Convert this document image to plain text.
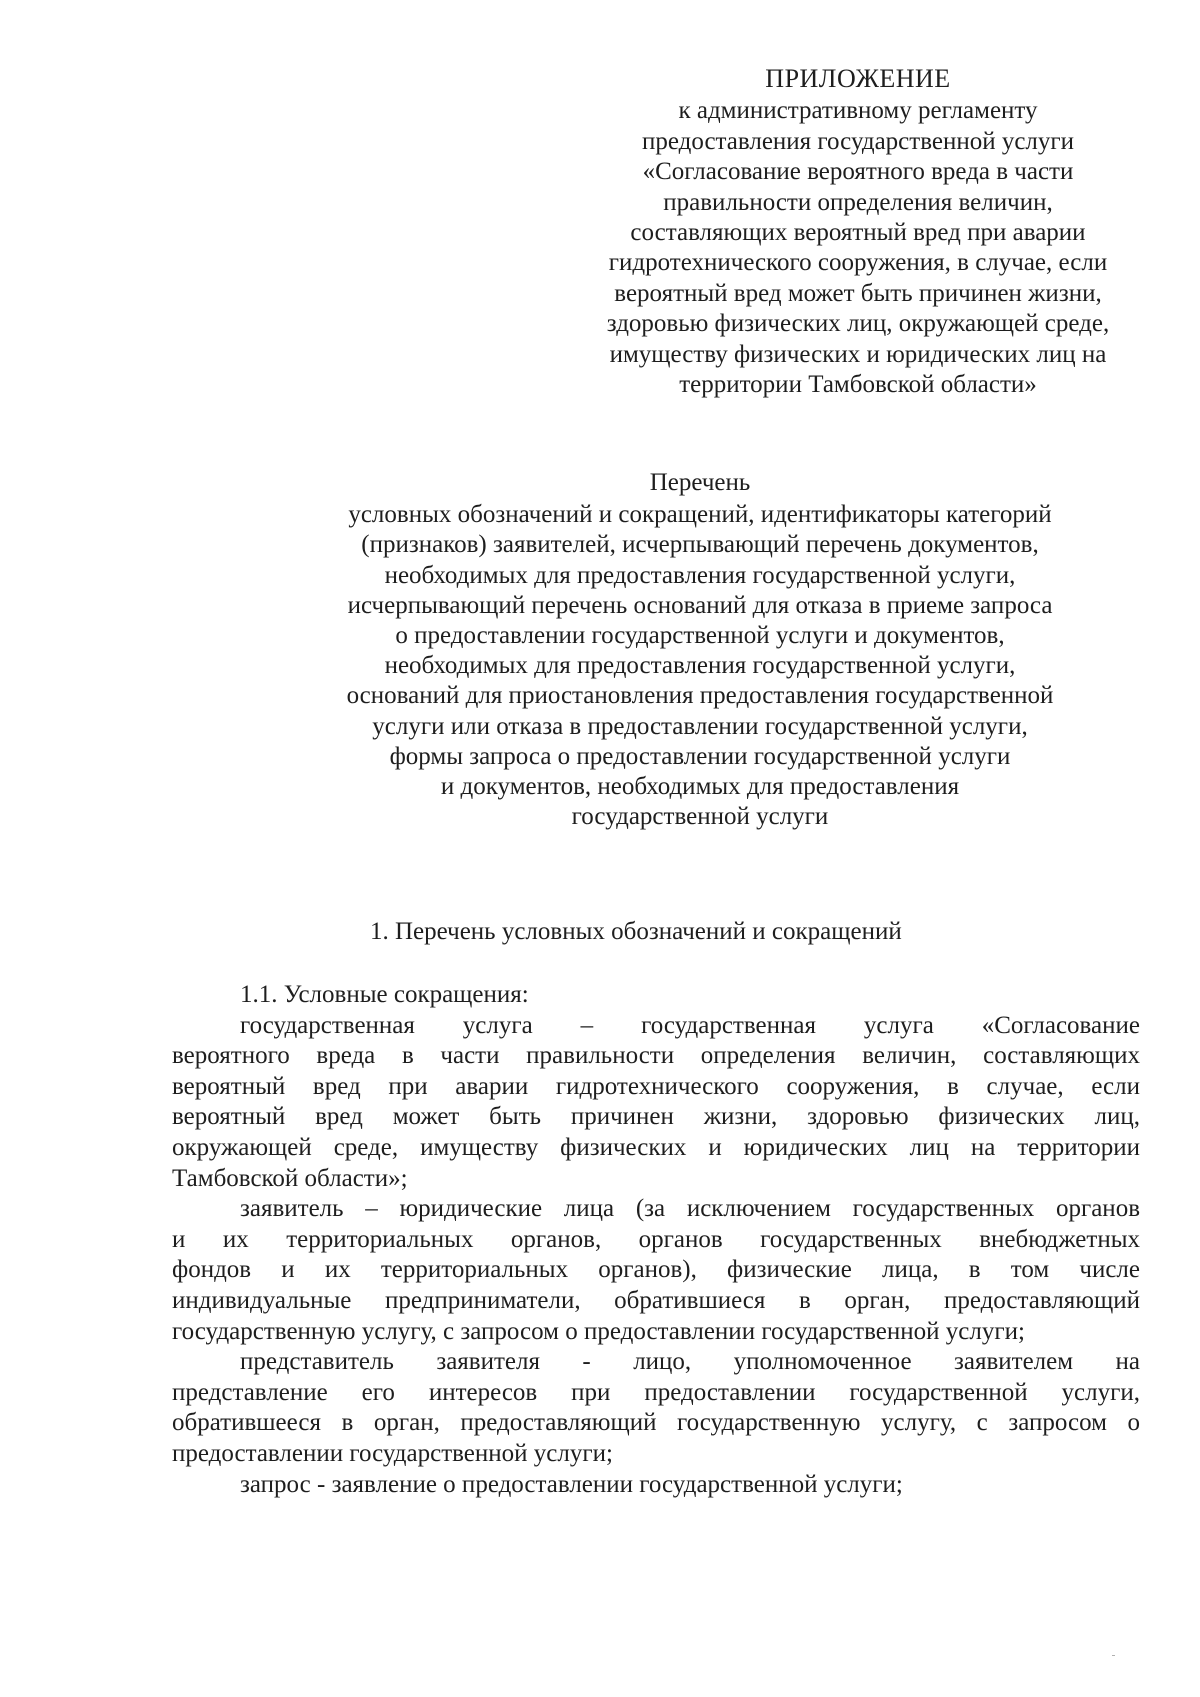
ПРИЛОЖЕНИЕ
к административному регламенту
предоставления государственной услуги
«Согласование вероятного вреда в части
правильности определения величин,
составляющих вероятный вред при аварии
гидротехнического сооружения, в случае, если
вероятный вред может быть причинен жизни,
здоровью физических лиц, окружающей среде,
имуществу физических и юридических лиц на
территории Тамбовской области»
Перечень
условных обозначений и сокращений, идентификаторы категорий
(признаков) заявителей, исчерпывающий перечень документов,
необходимых для предоставления государственной услуги,
исчерпывающий перечень оснований для отказа в приеме запроса
о предоставлении государственной услуги и документов,
необходимых для предоставления государственной услуги,
оснований для приостановления предоставления государственной
услуги или отказа в предоставлении государственной услуги,
формы запроса о предоставлении государственной услуги
и документов, необходимых для предоставления
государственной услуги
1. Перечень условных обозначений и сокращений
1.1. Условные сокращения:
государственная услуга – государственная услуга «Согласование
вероятного вреда в части правильности определения величин, составляющих
вероятный вред при аварии гидротехнического сооружения, в случае, если
вероятный вред может быть причинен жизни, здоровью физических лиц,
окружающей среде, имуществу физических и юридических лиц на территории
Тамбовской области»;
заявитель – юридические лица (за исключением государственных органов
и их территориальных органов, органов государственных внебюджетных
фондов и их территориальных органов), физические лица, в том числе
индивидуальные предприниматели, обратившиеся в орган, предоставляющий
государственную услугу, с запросом о предоставлении государственной услуги;
представитель заявителя - лицо, уполномоченное заявителем на
представление его интересов при предоставлении государственной услуги,
обратившееся в орган, предоставляющий государственную услугу, с запросом о
предоставлении государственной услуги;
запрос - заявление о предоставлении государственной услуги;
